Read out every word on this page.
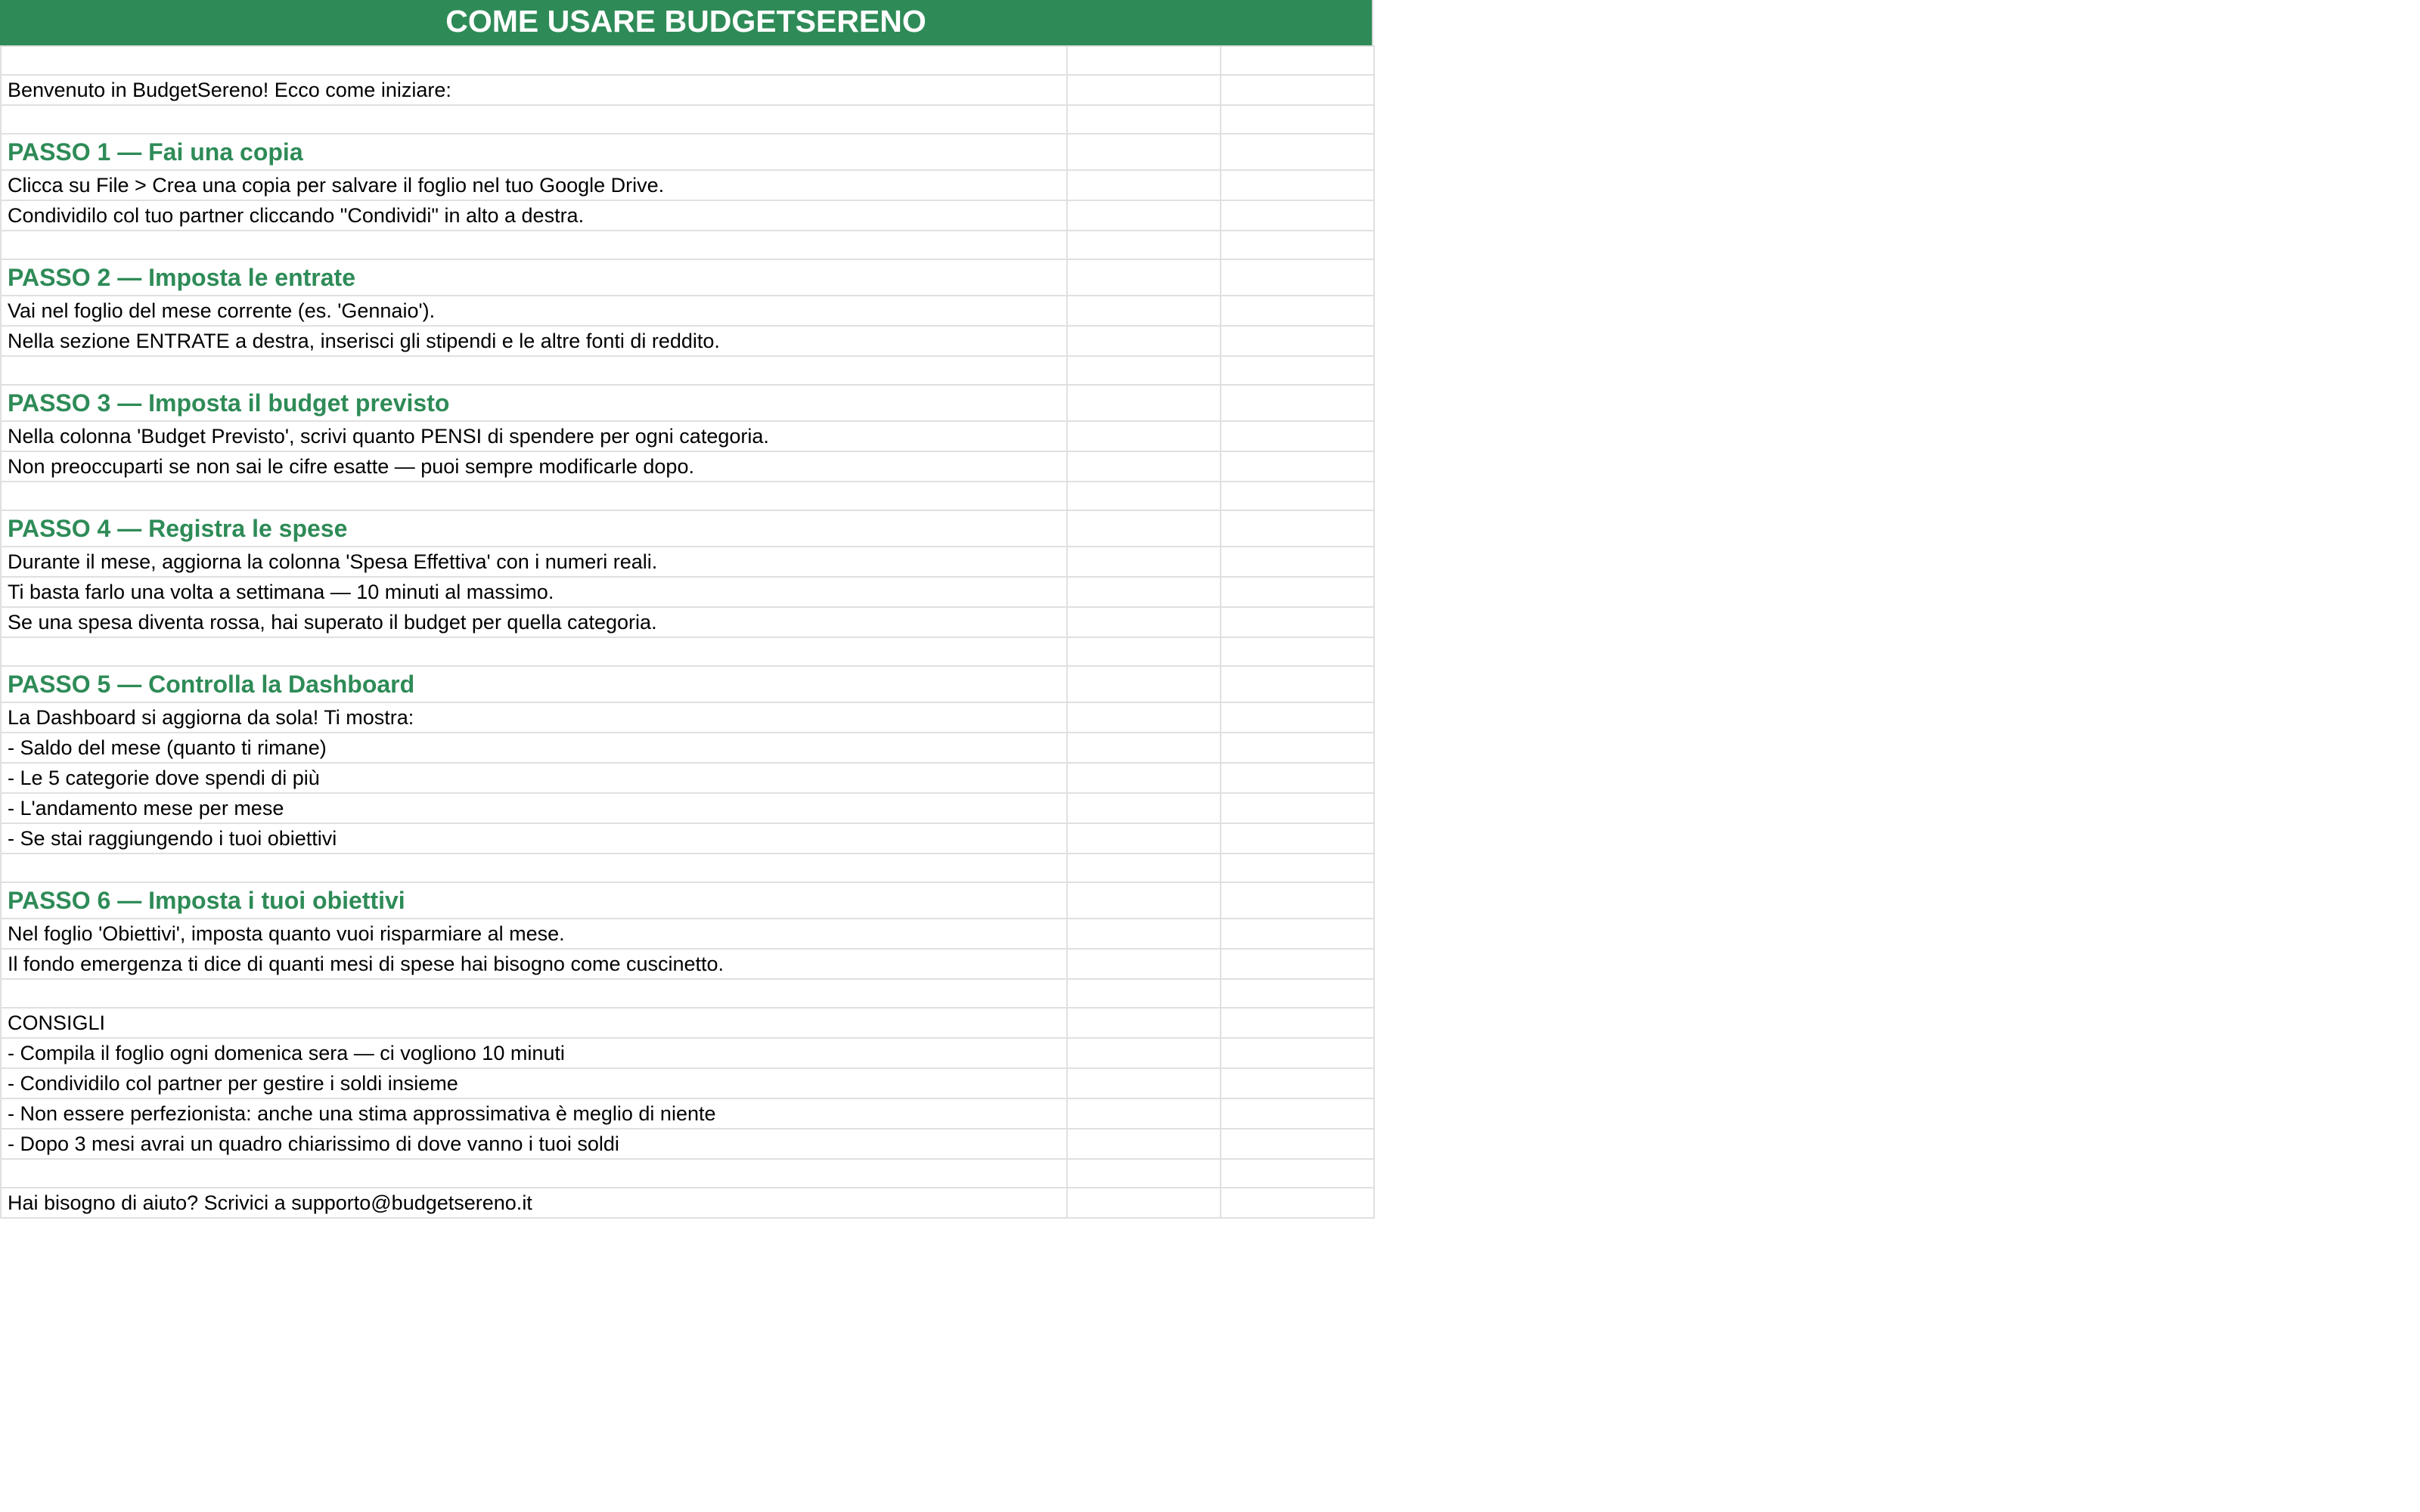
COME USARE BUDGETSERENO

Benvenuto in BudgetSereno! Ecco come iniziare:		

PASSO 1 — Fai una copia		
Clicca su File > Crea una copia per salvare il foglio nel tuo Google Drive.		
Condividilo col tuo partner cliccando "Condividi" in alto a destra.		

PASSO 2 — Imposta le entrate		
Vai nel foglio del mese corrente (es. 'Gennaio').		
Nella sezione ENTRATE a destra, inserisci gli stipendi e le altre fonti di reddito.		

PASSO 3 — Imposta il budget previsto		
Nella colonna 'Budget Previsto', scrivi quanto PENSI di spendere per ogni categoria.		
Non preoccuparti se non sai le cifre esatte — puoi sempre modificarle dopo.		

PASSO 4 — Registra le spese		
Durante il mese, aggiorna la colonna 'Spesa Effettiva' con i numeri reali.		
Ti basta farlo una volta a settimana — 10 minuti al massimo.		
Se una spesa diventa rossa, hai superato il budget per quella categoria.		

PASSO 5 — Controlla la Dashboard		
La Dashboard si aggiorna da sola! Ti mostra:		
- Saldo del mese (quanto ti rimane)		
- Le 5 categorie dove spendi di più		
- L'andamento mese per mese		
- Se stai raggiungendo i tuoi obiettivi		

PASSO 6 — Imposta i tuoi obiettivi		
Nel foglio 'Obiettivi', imposta quanto vuoi risparmiare al mese.		
Il fondo emergenza ti dice di quanti mesi di spese hai bisogno come cuscinetto.		

CONSIGLI		
- Compila il foglio ogni domenica sera — ci vogliono 10 minuti		
- Condividilo col partner per gestire i soldi insieme		
- Non essere perfezionista: anche una stima approssimativa è meglio di niente		
- Dopo 3 mesi avrai un quadro chiarissimo di dove vanno i tuoi soldi		

Hai bisogno di aiuto? Scrivici a supporto@budgetsereno.it		
